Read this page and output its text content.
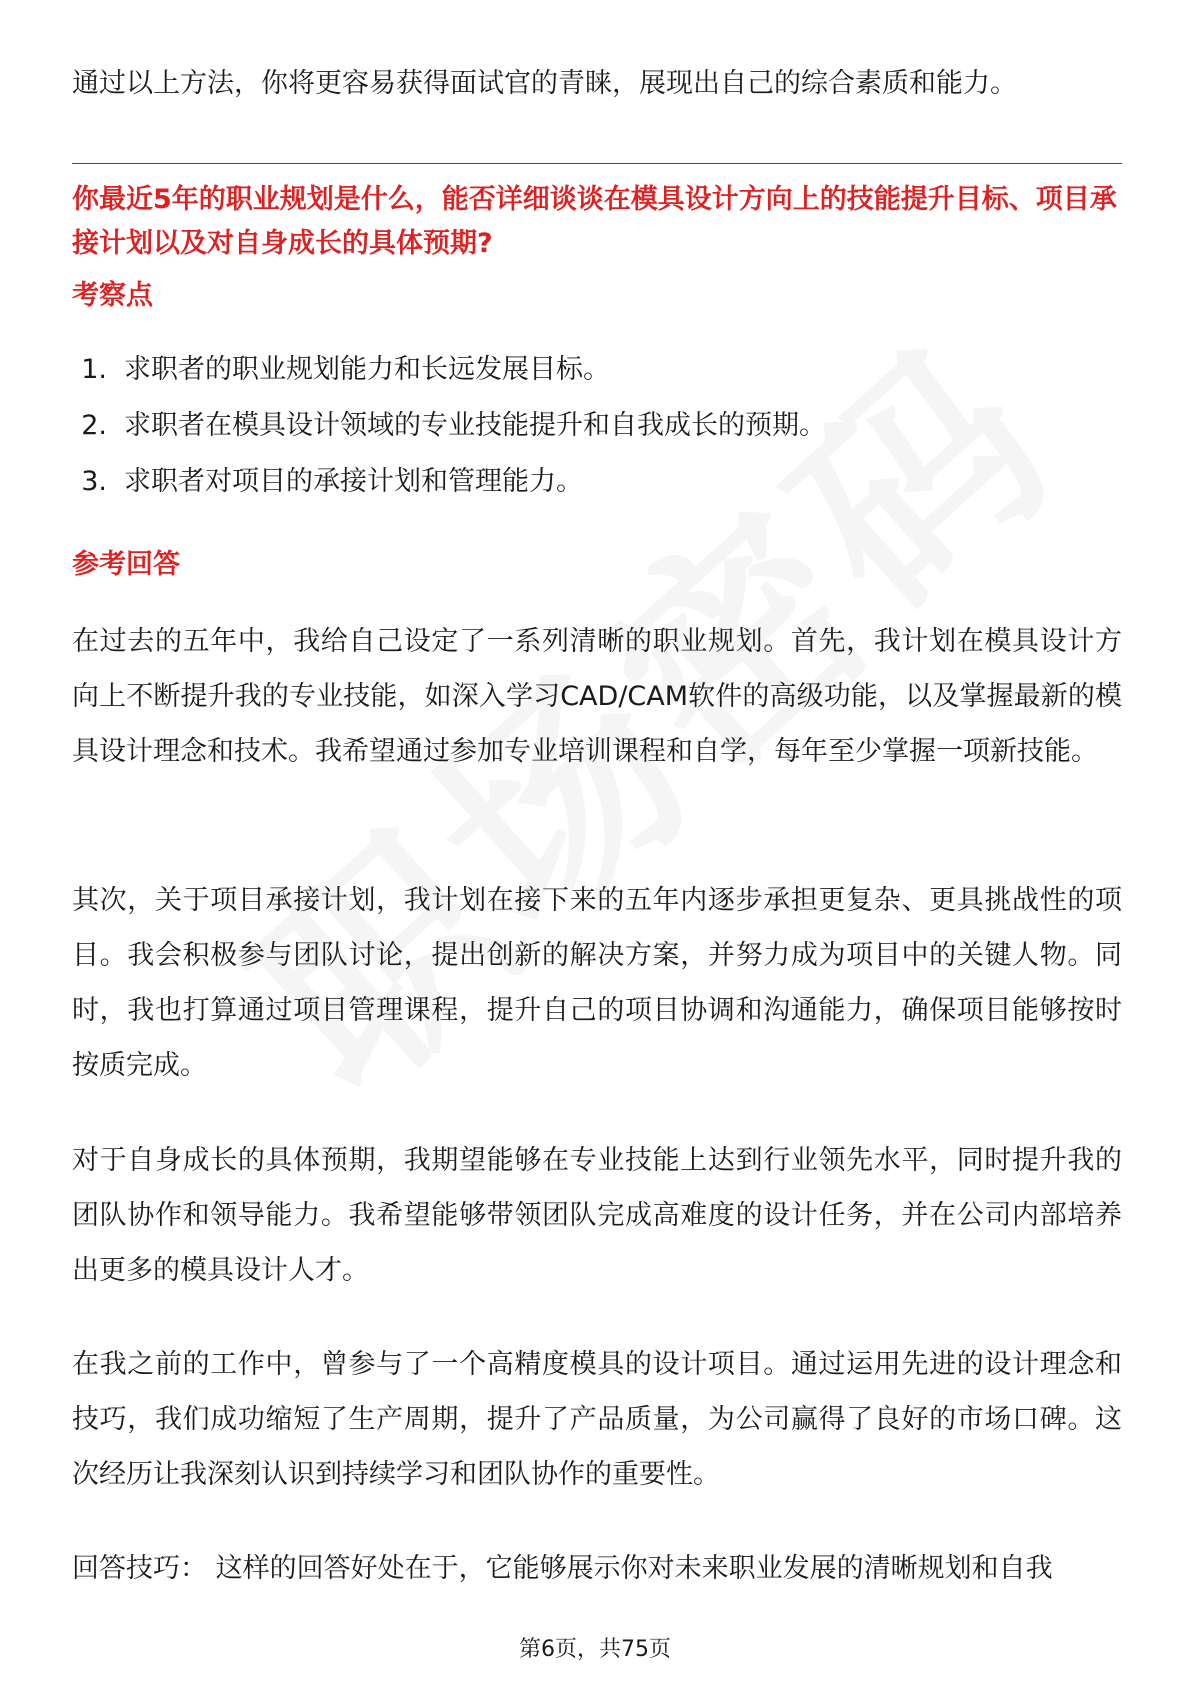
通过以上方法，你将更容易获得面试官的青睐，展现出自己的综合素质和能力。

你最近5年的职业规划是什么，能否详细谈谈在模具设计方向上的技能提升目标、项目承接计划以及对自身成长的具体预期?

考察点
1. 求职者的职业规划能力和长远发展目标。
2. 求职者在模具设计领域的专业技能提升和自我成长的预期。
3. 求职者对项目的承接计划和管理能力。
参考回答

在过去的五年中，我给自己设定了一系列清晰的职业规划。首先，我计划在模具设计方向上不断提升我的专业技能，如深入学习CAD/CAM软件的高级功能，以及掌握最新的模具设计理念和技术。我希望通过参加专业培训课程和自学，每年至少掌握一项新技能。

其次，关于项目承接计划，我计划在接下来的五年内逐步承担更复杂、更具挑战性的项目。我会积极参与团队讨论，提出创新的解决方案，并努力成为项目中的关键人物。同时，我也打算通过项目管理课程，提升自己的项目协调和沟通能力，确保项目能够按时按质完成。

对于自身成长的具体预期，我期望能够在专业技能上达到行业领先水平，同时提升我的团队协作和领导能力。我希望能够带领团队完成高难度的设计任务，并在公司内部培养出更多的模具设计人才。

在我之前的工作中，曾参与了一个高精度模具的设计项目。通过运用先进的设计理念和技巧，我们成功缩短了生产周期，提升了产品质量，为公司赢得了良好的市场口碑。这次经历让我深刻认识到持续学习和团队协作的重要性。

回答技巧： 这样的回答好处在于，它能够展示你对未来职业发展的清晰规划和自我

第6页，共75页
